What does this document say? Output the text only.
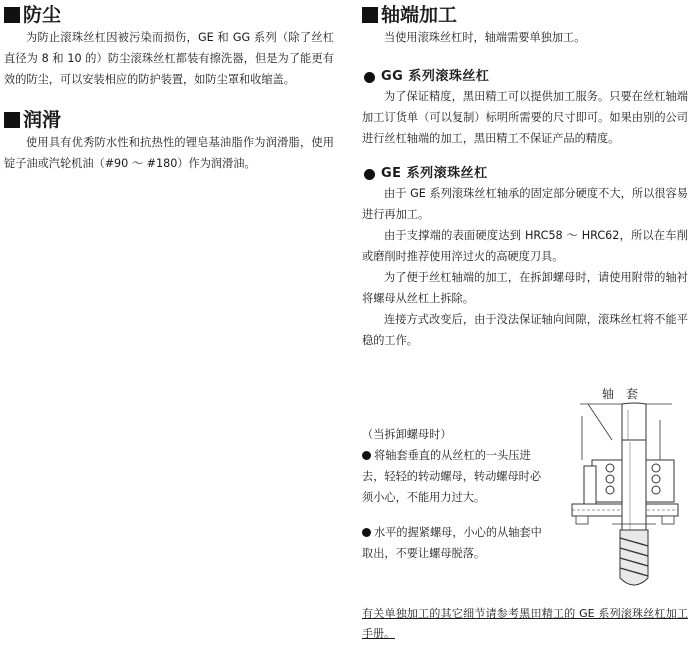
防尘

为防止滚珠丝杠因被污染而损伤，GE 和 GG 系列（除了丝杠直径为 8 和 10 的）防尘滚珠丝杠都装有擦洗器，但是为了能更有效的防尘，可以安装相应的防护装置，如防尘罩和收缩盖。

润滑

使用具有优秀防水性和抗热性的锂皂基油脂作为润滑脂，使用锭子油或汽轮机油（#90 ～ #180）作为润滑油。

轴端加工

当使用滚珠丝杠时，轴端需要单独加工。

GG 系列滚珠丝杠

为了保证精度，黑田精工可以提供加工服务。只要在丝杠轴端加工订货单（可以复制）标明所需要的尺寸即可。如果由别的公司进行丝杠轴端的加工，黑田精工不保证产品的精度。

GE 系列滚珠丝杠

由于 GE 系列滚珠丝杠轴承的固定部分硬度不大，所以很容易进行再加工。

由于支撑端的表面硬度达到 HRC58 ～ HRC62，所以在车削或磨削时推荐使用淬过火的高硬度刀具。

为了便于丝杠轴端的加工，在拆卸螺母时，请使用附带的轴衬将螺母从丝杠上拆除。

连接方式改变后，由于没法保证轴向间隙，滚珠丝杠将不能平稳的工作。

（当拆卸螺母时）

将轴套垂直的从丝杠的一头压进去，轻轻的转动螺母，转动螺母时必须小心，不能用力过大。

水平的握紧螺母，小心的从轴套中取出，不要让螺母脱落。

轴　套

有关单独加工的其它细节请参考黑田精工的 GE 系列滚珠丝杠加工手册。
